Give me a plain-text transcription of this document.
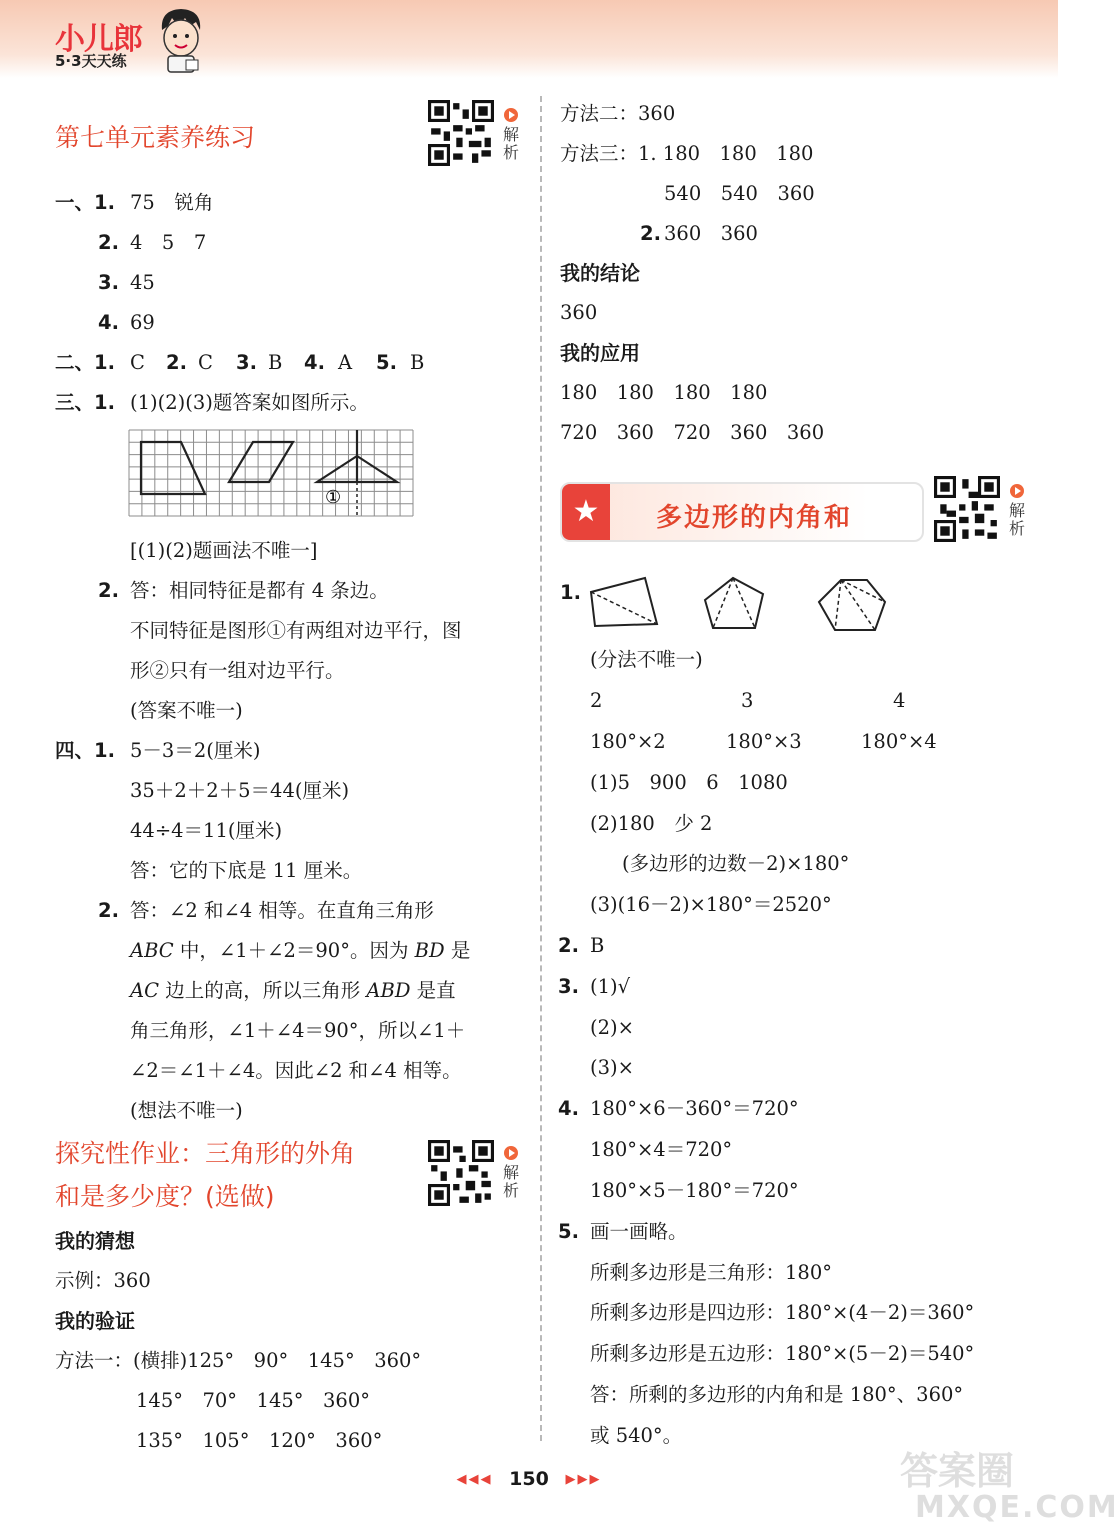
小儿郎
5·3天天练
解析
解析
解析
第七单元素养练习
一、1. 75　锐角
2. 4　5　7
3. 45
4. 69
二、1. C 2. C 3. B 4. A 5. B
三、1. (1)(2)(3)题答案如图所示。
①
[(1)(2)题画法不唯一]
2. 答：相同特征是都有 4 条边。
不同特征是图形①有两组对边平行，图
形②只有一组对边平行。
(答案不唯一)
四、1. 5－3＝2(厘米)
35＋2＋2＋5＝44(厘米)
44÷4＝11(厘米)
答：它的下底是 11 厘米。
2. 答：∠2 和∠4 相等。在直角三角形
ABC 中，∠1＋∠2＝90°。因为 BD 是
AC 边上的高，所以三角形 ABD 是直
角三角形，∠1＋∠4＝90°，所以∠1＋
∠2＝∠1＋∠4。因此∠2 和∠4 相等。
(想法不唯一)
探究性作业：三角形的外角
和是多少度？(选做)
我的猜想
示例：360
我的验证
方法一：(横排)125°　90°　145°　360°
145°　70°　145°　360°
135°　105°　120°　360°
方法二：360
方法三：1. 180　180　180
540　540　360
2. 360　360
我的结论
360
我的应用
180　180　180　180
720　360　720　360　360
★	多边形的内角和
1.
(分法不唯一)
2	3	4
180°×2	180°×3	180°×4
(1)5　900　6　1080
(2)180　少 2
(多边形的边数－2)×180°
(3)(16－2)×180°＝2520°
2. B
3. (1)√
(2)×
(3)×
4. 180°×6－360°＝720°
180°×4＝720°
180°×5－180°＝720°
5. 画一画略。
所剩多边形是三角形：180°
所剩多边形是四边形：180°×(4－2)＝360°
所剩多边形是五边形：180°×(5－2)＝540°
答：所剩的多边形的内角和是 180°、360°
或 540°。
◀◀◀ 150 ▶▶▶	答案圈
MXQE.COM
